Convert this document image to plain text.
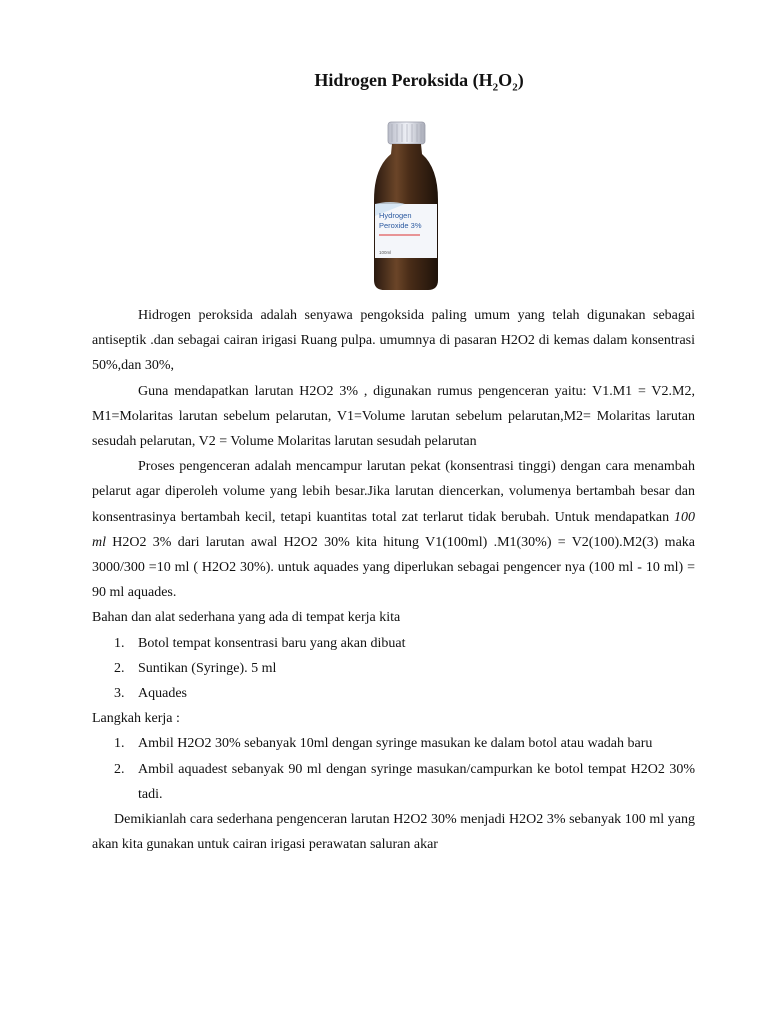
Hidrogen Peroksida $(H_2O_2)$
Hydrogen
Peroxide 3%
100ml

Hidrogen peroksida adalah senyawa pengoksida paling umum yang telah digunakan sebagai antiseptik .dan sebagai cairan irigasi Ruang pulpa. umumnya di pasaran H2O2 di kemas dalam konsentrasi 50%,dan 30%,

Guna mendapatkan larutan H2O2 3% , digunakan rumus pengenceran yaitu: V1.M1 = V2.M2, M1=Molaritas larutan sebelum pelarutan, V1=Volume larutan sebelum pelarutan,M2= Molaritas larutan sesudah pelarutan, V2 = Volume Molaritas larutan sesudah pelarutan

Proses pengenceran adalah mencampur larutan pekat (konsentrasi tinggi) dengan cara menambah pelarut agar diperoleh volume yang lebih besar.Jika larutan diencerkan, volumenya bertambah besar dan konsentrasinya bertambah kecil, tetapi kuantitas total zat terlarut tidak berubah. Untuk mendapatkan 100 ml H2O2 3% dari larutan awal H2O2 30% kita hitung V1(100ml) .M1(30%) = V2(100).M2(3) maka 3000/300 =10 ml ( H2O2 30%). untuk aquades yang diperlukan sebagai pengencer nya (100 ml - 10 ml) = 90 ml aquades.

Bahan dan alat sederhana yang ada di tempat kerja kita

1. Botol tempat konsentrasi baru yang akan dibuat
2. Suntikan (Syringe). 5 ml
3. Aquades

Langkah kerja :

1. Ambil H2O2 30% sebanyak 10ml dengan syringe masukan ke dalam botol atau wadah baru
2. Ambil aquadest sebanyak 90 ml dengan syringe masukan/campurkan ke botol tempat H2O2 30% tadi.

Demikianlah cara sederhana pengenceran larutan H2O2 30% menjadi H2O2 3% sebanyak 100 ml yang akan kita gunakan untuk cairan irigasi perawatan saluran akar
